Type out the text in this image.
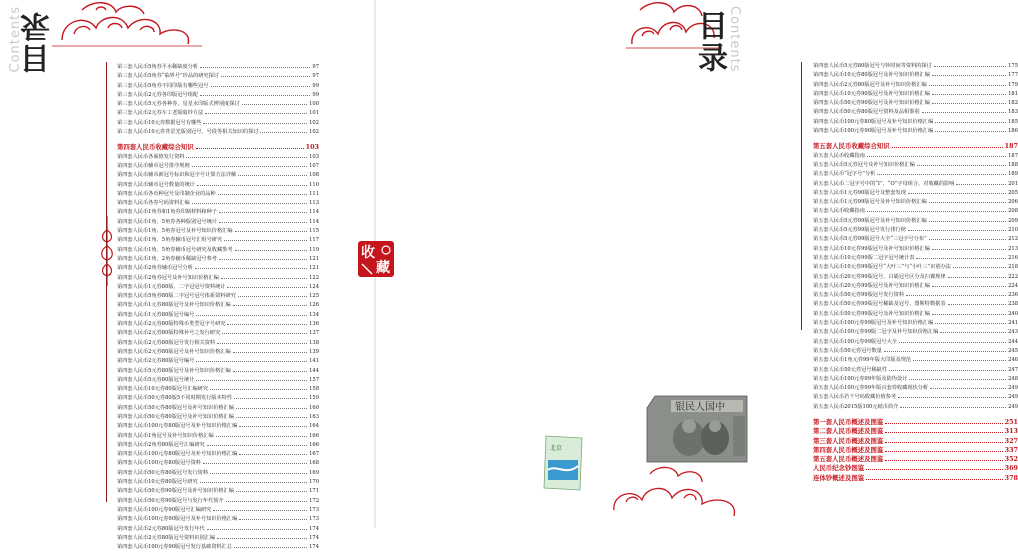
Contents
目录	第三套人民币5角券平水稀缺度分析	97
第三套人民币5角券“临界号”珍品的研究探讨	97
第三套人民币5角券不同印版有哪些冠号	99
第三套人民币2元券各印版冠号组配	99
第三套人民币5元券各种券、星星水印版式辨别度探讨	100
第三套人民币2元券车工老版暗钞方法	101
第三套人民币10元券数据冠号有哪些	102
第三套人民币10元券背景光版别冠号、号段等相关知识的探讨	102
第四套人民币收藏综合知识	103
第四套人民币各面值发行资料	103
第四套人民币辅币冠号排序规则	107
第四套人民币辅币新冠号标识和冠字号计算方法详解	108
第四套人民币辅币冠号数量的统计	110
第四套人民币各币种冠号及印制企业的品种	111
第四套人民币各券号码资料汇编	113
第四套人民币1角券和1角券印制材料和种子	114
第四套人民币1角、5角券各种版别冠号统计	114
第四套人民币1角、5角券冠号及补号知识价格汇编	115
第四套人民币1角、5角券辅币冠号汇组号研究	117
第四套人民币1角、5角券辅币冠号研究及收藏参考	119
第四套人民币1角、2角券辅币稀缺冠号参考	121
第四套人民币2角券辅币冠号分析	121
第四套人民币2角券冠号及补号知识价格汇编	122
第四套人民币1元券80版、二字冠冠号资料统计	124
第四套人民币5角券80版二字冠号冠号体系资料研究	125
第四套人民币1元券80版冠号及补号知识价格汇编	126
第四套人民币1元券80版冠号编号	134
第四套人民币2元券80版特殊币类型冠字号研究	136
第四套人民币2元券80版特殊补号之发行研究	137
第四套人民币2元券80版冠号发行相关资料	138
第四套人民币2元券80版冠号及补号知识价格汇编	139
第四套人民币2元券80版冠号编号	141
第四套人民币5元券80版冠号及补号知识价格汇编	144
第四套人民币5元券80版冠号统计	157
第四套人民币10元券80版冠号汇编研究	158
第四套人民币50元券80版5不同时期发行版本特性	159
第四套人民币50元券80版冠号及补号知识价格汇编	160
第四套人民币50元券80版冠号及补号知识价格汇编	163
第四套人民币100元券80版冠号及补号知识价格汇编	164
第四套人民币1角冠号及补号知识价格汇编	166
第四套人民币2角券80版冠号汇编研究	166
第四套人民币100元券80版冠号及补号知识价格汇编	167
第四套人民币100元券80版冠号资料	168
第四套人民币50元券80版冠号发行资料	169
第四套人民币10元券80版冠号研究	170
第四套人民币50元券90版冠号及补号知识价格汇编	171
第四套人民币50元券90版冠号与发行年代简介	172
第四套人民币100元券90版冠号汇编研究	173
第四套人民币100元券90版冠号及补号知识价格汇编	173
第四套人民币2元券80版冠号发行年代	174
第四套人民币2元券80版冠号资料识别汇编	174
第四套人民币100元券90版冠号发行基础资料汇总	174
Contents
目录	第四套人民币5元券80版冠号与钞时间等资料的探讨	175
第四套人民币10元券80版冠号及补号知识价格汇编	177
第四套人民币2元券80版冠号及补号知识价格汇编	179
第四套人民币10元券90版冠号及补号知识价格汇编	181
第四套人民币50元券90版冠号及补号知识价格汇编	182
第四套人民币50元券80版冠号资料及品相鉴别	183
第四套人民币100元券80版冠号及补号知识价格汇编	185
第四套人民币100元券90版冠号及补号知识价格汇编	186
第五套人民币收藏综合知识	187
第五套人民币收藏指南	187
第五套人民币5元券冠号及补号知识价格汇编	188
第五套人民币“冠字号”分析	189
第五套人民币二冠字号中的“I”、“O”字母组合、对收藏的影响	201
第五套人民币1元券90版冠号及整套发现	205
第五套人民币1元券99版冠号及补号知识价格汇编	206
第五套人民币收藏指南	208
第五套人民币5元券99版冠号及补号知识价格汇编	209
第五套人民币5元券99版冠号发行排行榜	210
第五套人民币5元券99版冠号大全“三冠字号分布”	212
第五套人民币10元券99版冠号及补号知识价格汇编	213
第五套人民币10元券99版二冠字冠号统计表	216
第五套人民币10元券99版冠号“大叶三”与“小叶三”识别办法	218
第五套人民币20元券99版冠号、白霸冠号区分及扫翼规律	222
第五套人民币20元券99版冠号及补号知识价格汇编	224
第五套人民币50元券99版冠号发行资料	236
第五套人民币50元券99版冠号稀缺及冠号、图斯特数据表	238
第五套人民币50元券99版冠号及补号知识价格汇编	240
第五套人民币100元券99版冠号及补号知识价格汇编	241
第五套人民币100元券99版二冠字及补号知识价格汇编	243
第五套人民币100元券99版冠号大全	244
第五套人民币50元券冠号数量	245
第五套人民币1角元券99年版大印版及规范	246
第五套人民币50元券冠号稀缺性	247
第五套人民币100元券99年版及防伪设计	248
第五套人民币100元券99年版百套券收藏现状分析	249
第五套人民币若干号码收藏价值参考	249
第五套人民币2015版100元纸币简介	249
第一套人民币概述及图鉴	251
第二套人民币概述及图鉴	313
第三套人民币概述及图鉴	327
第四套人民币概述及图鉴	337
第五套人民币概述及图鉴	352
人民币纪念钞图鉴	369
连体钞概述及图鉴	378
收
藏
银民人国中
北京
